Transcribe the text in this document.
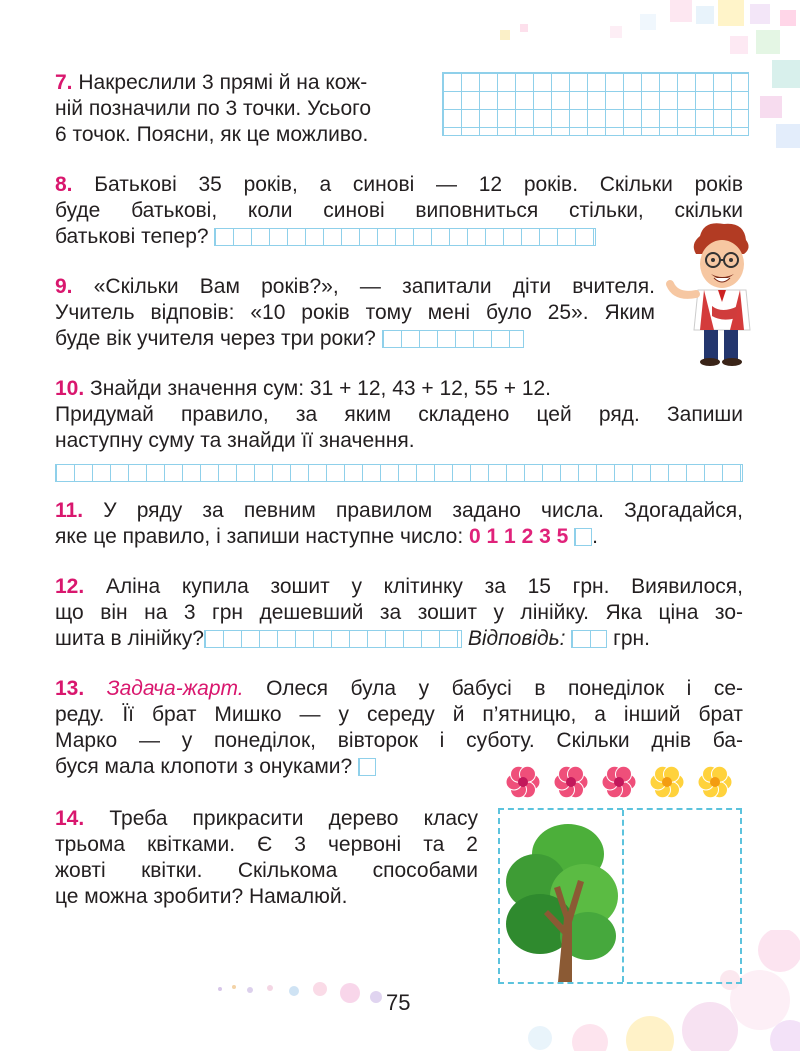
7. Накреслили 3 прямі й на кож-
ній позначили по 3 точки. Усього
6 точок. Поясни, як це можливо.
8. Батькові 35 років, а синові — 12 років. Скільки років
буде батькові, коли синові виповниться стільки, скільки
батькові тепер?
9. «Скільки Вам років?», — запитали діти вчителя.
Учитель відповів: «10 років тому мені було 25». Яким
буде вік учителя через три роки?
10. Знайди значення сум: 31 + 12, 43 + 12, 55 + 12.
Придумай правило, за яким складено цей ряд. Запиши
наступну суму та знайди її значення.
11. У ряду за певним правилом задано числа. Здогадайся,
яке це правило, і запиши наступне число: 0 1 1 2 3 5 .
12. Аліна купила зошит у клітинку за 15 грн. Виявилося,
що він на 3 грн дешевший за зошит у лінійку. Яка ціна зо-
шита в лінійку?	Відповідь: грн.
13. Задача-жарт. Олеся була у бабусі в понеділок і се-
реду. Її брат Мишко — у середу й п’ятницю, а інший брат
Марко — у понеділок, вівторок і суботу. Скільки днів ба-
буся мала клопоти з онуками?
14. Треба прикрасити дерево класу
трьома квітками. Є 3 червоні та 2
жовті квітки. Скількома способами
це можна зробити? Намалюй.
75
